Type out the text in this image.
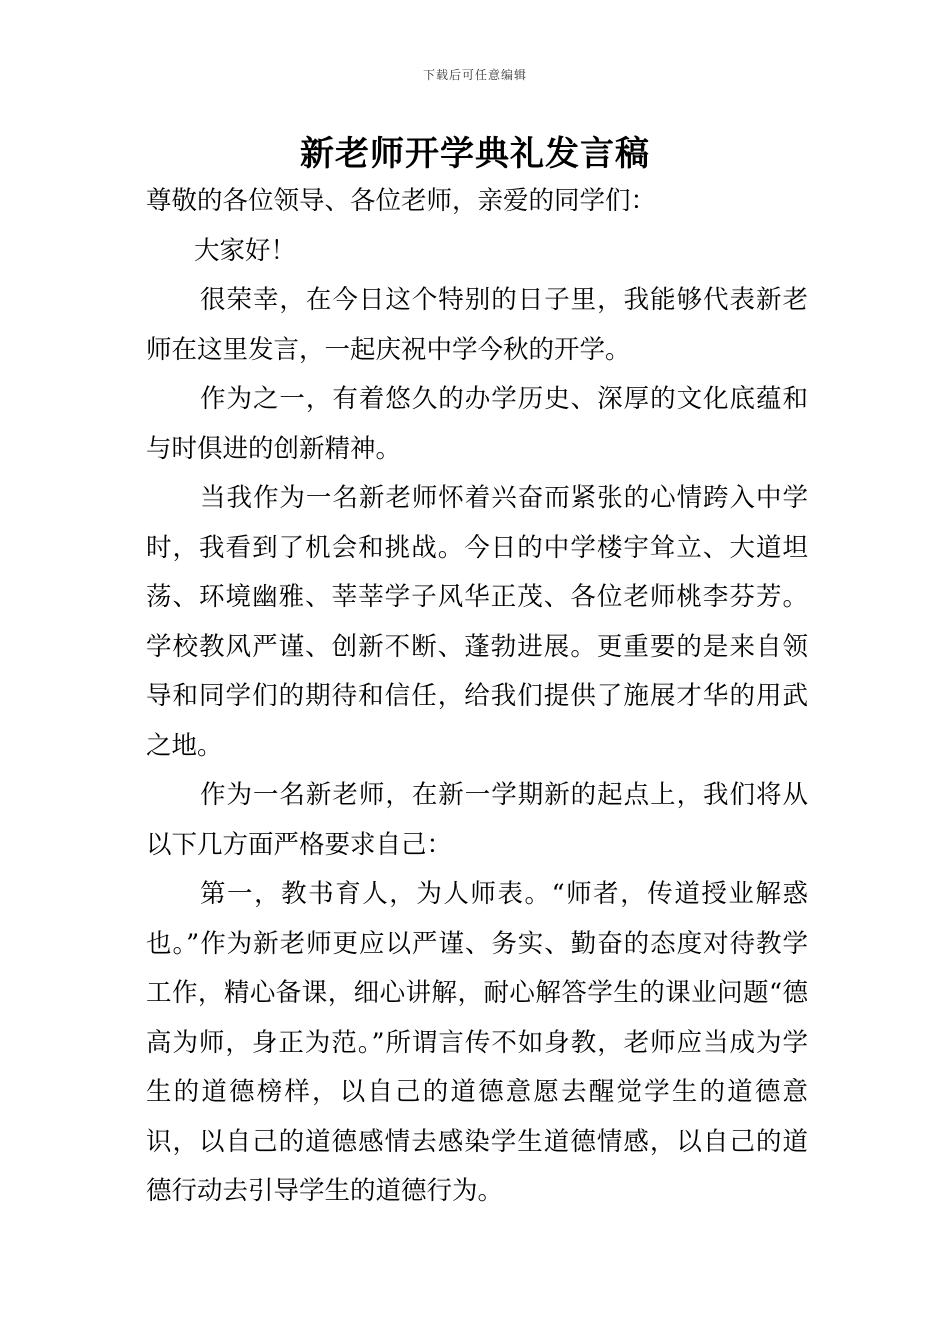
下载后可任意编辑
新老师开学典礼发言稿

尊敬的各位领导、各位老师，亲爱的同学们：

大家好！

很荣幸，在今日这个特别的日子里，我能够代表新老师在这里发言，一起庆祝中学今秋的开学。

作为之一，有着悠久的办学历史、深厚的文化底蕴和与时俱进的创新精神。

当我作为一名新老师怀着兴奋而紧张的心情跨入中学时，我看到了机会和挑战。今日的中学楼宇耸立、大道坦荡、环境幽雅、莘莘学子风华正茂、各位老师桃李芬芳。学校教风严谨、创新不断、蓬勃进展。更重要的是来自领导和同学们的期待和信任，给我们提供了施展才华的用武之地。

作为一名新老师，在新一学期新的起点上，我们将从以下几方面严格要求自己：

第一，教书育人，为人师表。“师者，传道授业解惑也。”作为新老师更应以严谨、务实、勤奋的态度对待教学工作，精心备课，细心讲解，耐心解答学生的课业问题“德高为师，身正为范。”所谓言传不如身教，老师应当成为学生的道德榜样，以自己的道德意愿去醒觉学生的道德意识，以自己的道德感情去感染学生道德情感，以自己的道德行动去引导学生的道德行为。
